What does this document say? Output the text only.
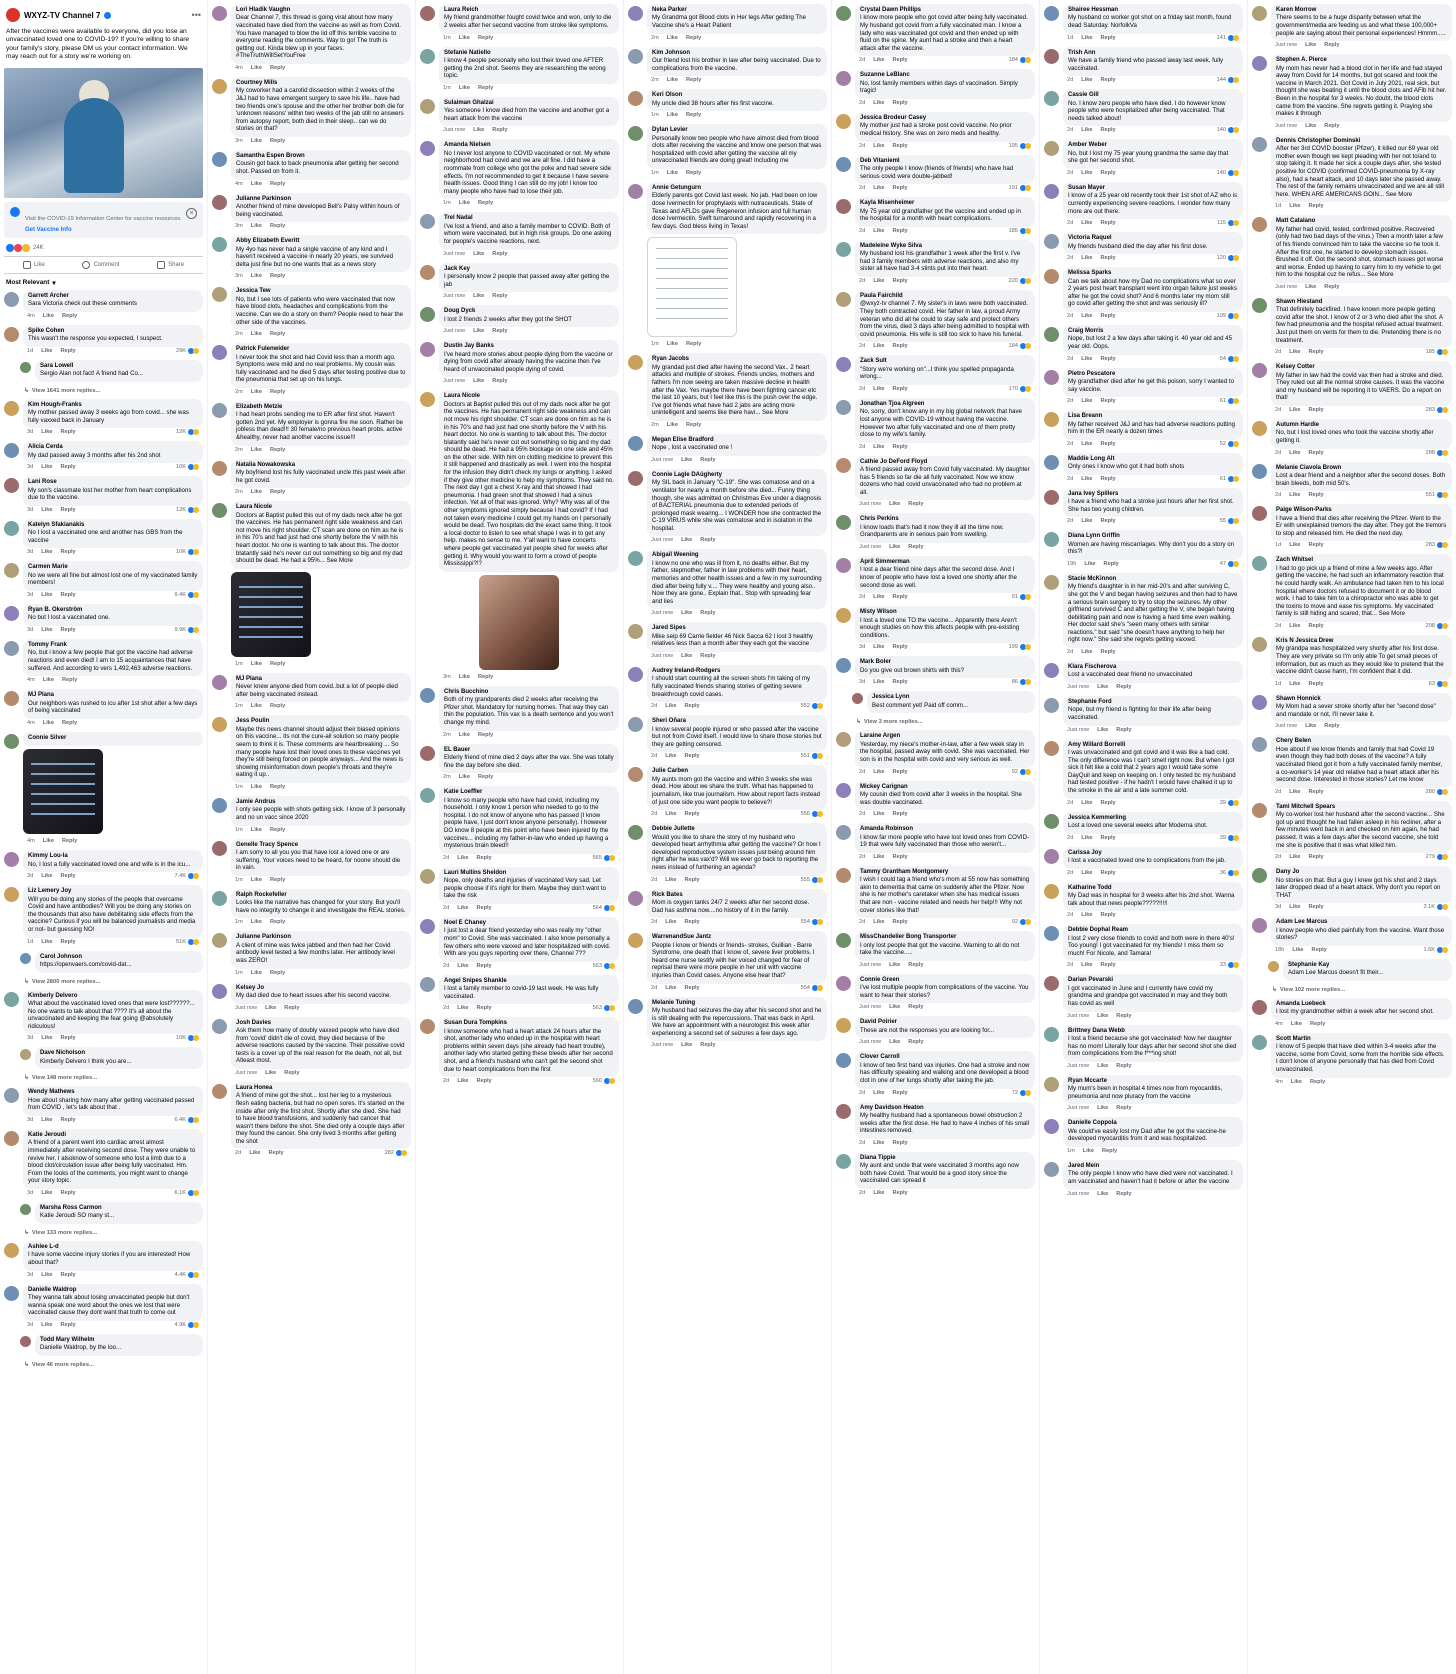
WXYZ-TV Channel 7	•••
After the vaccines were available to everyone, did you lose an unvaccinated loved one to COVID-19? If you're willing to share your family's story, please DM us your contact information. We may reach out for a story we're working on.
Visit the COVID-19 Information Center for vaccine resources.
Get Vaccine Info
×
24K
Like	Comment	Share
Most Relevant ▾
Garrett Archer
Sara Victoria check out these comments
4m Like Reply
Spike Cohen
This wasn't the response you expected, I suspect.
1d Like Reply	29K
Sara Lowell
Sergio Alan not fact! A friend had Co...
↳ View 1641 more replies...
Kim Hough-Franks
My mother passed away 3 weeks ago from covid... she was fully vaxxed back in January
3d Like Reply	12K
Alicia Cerda
My dad passed away 3 months after his 2nd shot
3d Like Reply	10K
Lani Rose
My son's classmate lost her mother from heart complications due to the vaccine.
3d Like Reply	12K
Katelyn Sfakianakis
No I lost a vaccinated one and another has GBS from the vaccine
3d Like Reply	10K
Carmen Marie
No we were all fine but almost lost one of my vaccinated family members!
3d Like Reply	9.4K
Ryan B. Okerström
No but I lost a vaccinated one.
3d Like Reply	9.9K
Tommy Frank
No, but i know a few people that got the vaccine had adverse reactions and even died! I am to 15 acquaintances that have suffered. And according to vers 1,492,463 adverse reactions.
4m Like Reply
MJ Plana
Our neighbors was rushed to icu after 1st shot after a few days of being vaccinated
4m Like Reply
Connie Silver
4m Like Reply
Kimmy Lou-la
No, I lost a fully vaccinated loved one and wife is in the icu...
3d Like Reply	7.4K
Liz Lemery Joy
Will you be doing any stories of the people that overcame Covid and have antibodies? Will you be doing any stories on the thousands that also have debilitating side effects from the vaccine? Curious if you will be balanced journalists and media or not- but guessing NO!
1d Like Reply	51K
Carol Johnson
https://openvaers.com/covid-dat...
↳ View 2800 more replies...
Kimberly Delvero
What about the vaccinated loved ones that were lost??????... No one wants to talk about that ???? It's all about the unvaccinated and keeping the fear going @absolutely ridiculous!
3d Like Reply	10K
Dave Nicholson
Kimberly Delvero I think you are...
↳ View 148 more replies...
Wendy Mathews
How about sharing how many after getting vaccinated passed from COVID , let's talk about that .
3d Like Reply	6.4K
Katie Jeroudi
A friend of a parent went into cardiac arrest almost immediately after receiving second dose. They were unable to revive her. I alsoknow of someone who lost a limb due to a blood clot/circulation issue after being fully vaccinated. Hm. From the looks of the comments, you might want to change your story topic.
3d Like Reply	6.1K
Marsha Ross Carmon
Katie Jeroudi SO many st...
↳ View 133 more replies...
Ashlee L-d
I have some vaccine injury stories if you are interested! How about that?
3d Like Reply	4.4K
Danielle Waldrop
They wanna talk about losing unvaccinated people but don't wanna speak one word about the ones we lost that were vaccinated cause they dont want that truth to come out
3d Like Reply	4.9K
Todd Mary Wilhelm
Danielle Waldrop, by the loo...
↳ View 46 more replies...
Lori Hladik Vaughn
Dear Channel 7, this thread is going viral about how many vaccinated have died from the vaccine as well as from Covid. You have managed to blow the lid off this terrible vaccine to everyone reading the comments. Way to go! The truth is getting out. Kinda blew up in your faces. #TheTruthWillSetYouFree
4m Like Reply
Courtney Mills
My coworker had a carotid dissection within 2 weeks of the J&J had to have emergent surgery to save his life.. have had two friends one's spouse and the other her brother both die for 'unknown reasons' within two weeks of the jab still no answers from autopsy report, both died in their sleep.. can we do stories on that?
3m Like Reply
Samantha Espen Brown
Cousin got back to back pneumonia after getting her second shot. Passed on from it.
4m Like Reply
Julianne Parkinson
Another friend of mine developed Bell's Palsy within hours of being vaccinated.
3m Like Reply
Abby Elizabeth Everitt
My 4yo has never had a single vaccine of any kind and I haven't received a vaccine in nearly 20 years, we survived delta just fine but no one wants that as a news story
3m Like Reply
Jessica Tew
No, but I see lots of patients who were vaccinated that now have blood clots, headaches and complications from the vaccine. Can we do a story on them? People need to hear the other side of the vaccines.
2m Like Reply
Patrick Fulenwider
I never took the shot and had Covid less than a month ago. Symptoms were mild and no real problems. My cousin was fully vaccinated and he died 5 days after testing positive due to the pneumonia that set up on his lungs.
2m Like Reply
Elizabeth Metzie
I had heart probs sending me to ER after first shot. Haven't gotten 2nd yet. My employer is gonna fire me soon. Rather be jobless than dead!!! 30 female/no previous heart probs. active &healthy, never had another vaccine issue!!!
2m Like Reply
Natalia Nowakowska
My boyfriend lost his fully vaccinated uncle this past week after he got covid.
2m Like Reply
Laura Nicole
Doctors at Baptist pulled this out of my dads neck after he got the vaccines. He has permanent right side weakness and can not move his right shoulder. CT scan are done on him as he is in his 70's and had just had one shortly before the V with his heart doctor. No one is wanting to talk about this. The doctor blatantly said he's never cut out something so big and my dad should be dead. He had a 95%... See More
1m Like Reply
MJ Plana
Never knew anyone died from covid..but a lot of people died after being vaccinated instead.
1m Like Reply
Jess Poulin
Maybe this news channel should adjust their biased opinions on this vaccine... Its not the cure-all solution so many people seem to think it is. These comments are heartbreaking ... So many people have lost their loved ones to these vaccines yet they're still being forced on people anyways... And the news is showing misinformation down people's throats and they're eating it up..
1m Like Reply
Jamie Andrus
I only see people with shots getting sick. I know of 3 personally and no un vacc since 2020
1m Like Reply
Genelle Tracy Spence
I am sorry to all you you that have lost a loved one or are suffering. Your voices need to be heard, for noone should die in vain.
1m Like Reply
Ralph Rockefeller
Looks like the narrative has changed for your story. But you'll have no integrity to change it and investigate the REAL stories.
1m Like Reply
Julianne Parkinson
A client of mine was twice jabbed and then had her Covid antibody level tested a few months later. Her antibody level was ZERO!
1m Like Reply
Kelsey Jo
My dad died due to heart issues after his second vaccine.
Just now Like Reply
Josh Davies
Ask them how many of doubly vaxxed people who have died from 'covid' didn't die of covid, they died because of the adverse reactions caused by the vaccine. Their possitive covid tests is a cover up of the real reason for the death, not all, but Atleast most.
Just now Like Reply
Laura Honea
A friend of mine got the shot... lost her leg to a mysterious flesh eating bacteria, but had no open sores. It's started on the inside after only the first shot. Shortly after she died. She had to have blood transfusions, and suddenly had cancer that wasn't there before the shot. She died only a couple days after they found the cancer. She only lived 3 months after getting the shot
2d Like Reply	282
Laura Reich
My friend grandmother fought covid twice and won, only to die 2 weeks after her second vaccine from stroke like symptoms.
1m Like Reply
Stefanie Natiello
I know 4 people personally who lost their loved one AFTER getting the 2nd shot. Seems they are researching the wrong topic.
1m Like Reply
Sulaiman Ghalzai
Yes someone I know died from the vaccine and another got a heart attack from the vaccine
Just now Like Reply
Amanda Nielsen
No I never lost anyone to COVID vaccinated or not. My whole neighborhood had covid and we are all fine. I did have a roommate from college who got the poke and had severe side effects. I'm not recommended to get it because I have severe health issues. Good thing I can still do my job! I know too many people who have had to lose their job.
1m Like Reply
Trel Nadal
I've lost a friend, and also a family member to COVID. Both of whom were vaccinated, but in high risk groups. Do one asking for people's vaccine reactions, next.
Just now Like Reply
Jack Key
I personally know 2 people that passed away after getting the jab
Just now Like Reply
Doug Dyck
I lost 2 friends 2 weeks after they got the SHOT
Just now Like Reply
Dustin Jay Banks
I've heard more stories about people dying from the vaccine or dying from covid after already having the vaccine then I've heard of unvaccinated people dying of covid.
Just now Like Reply
Laura Nicole
Doctors at Baptist pulled this out of my dads neck after he got the vaccines. He has permanent right side weakness and can not move his right shoulder. CT scan are done on him as he is in his 70's and had just had one shortly before the V with his heart doctor. No one is wanting to talk about this. The doctor blatantly said he's never cut out something so big and my dad should be dead. He had a 95% blockage on one side and 45% on the other side. With him on clotting medicine to prevent this it still happened and drastically as well. I went into the hospital for the infusion they didn't check my lungs or anything. I asked if they give other medicine to help my symptoms. They said no. The next day I got a chest X-ray and that showed I had pneumonia. I had green snot that showed I had a sinus infection. Yet all of that was ignored. Why? Why was all of the other symptoms ignored simply because I had covid? If I had not taken every medicine I could get my hands on I personally would be dead. Two hospitals did the exact same thing. It took a local doctor to listen to see what shape I was in to get any help. makes no sense to me. Y'all want to have concerts where people get vaccinated yet people shed for weeks after getting it. Why would you want to form a crowd of people Mississippi?!?
3m Like Reply
Chris Bucchino
Both of my grandparents died 2 weeks after receiving the Pfizer shot. Mandatory for nursing homes. That way they can thin the population. This vax is a death sentence and you won't change my mind.
2m Like Reply
EL Bauer
Elderly friend of mine died 2 days after the vax. She was totally fine the day before she died.
2m Like Reply
Katie Loeffler
I know so many people who have had covid, including my household. I only know 1 person who needed to go to the hospital. I do not know of anyone who has passed (I know people have, I just don't know anyone personally). I however DO know 8 people at this point who have been injured by the vaccines... including my father-in-law who ended up having a mysterious brain bleed!!
2d Like Reply	565
Lauri Mullins Sheldon
Nope, only deaths and injuries of vaccinated Very sad. Let people choose if it's right for them. Maybe they don't want to take the risk
2d Like Reply	564
Noel E Chaney
I just lost a dear friend yesterday who was really my "other mom" to Covid. She was vaccinated. I also know personally a few others who were vaxxed and later hospitalized with covid. With are you guys reporting over there, Channel 7??
2d Like Reply	563
Angel Snipes Shankle
I lost a family member to covid-19 last week. He was fully vaccinated.
2d Like Reply	563
Susan Dura Tompkins
I know someone who had a heart attack 24 hours after the shot, another lady who ended up in the hospital with heart problems within seven days (she already had heart trouble), another lady who started getting these bleeds after her second shot, and a friend's husband who can't get the second shot due to heart complications from the first
2d Like Reply	560
Neka Parker
My Grandma got Blood clots in Her legs After getting The Vaccine she's a Heart Patient
2m Like Reply
Kim Johnson
Our friend lost his brother in law after being vaccinated. Due to complications from the vaccine.
2m Like Reply
Keri Olson
My uncle died 38 hours after his first vaccine.
1m Like Reply
Dylan Levier
Personally know two people who have almost died from blood clots after receiving the vaccine and know one person that was hospitalized with covid after getting the vaccine all my unvaccinated friends are doing great! Including me
1m Like Reply
Annie Getungurn
Elderly parents got Covid last week. No jab. Had been on low dose Ivermectin for prophylaxis with nutraceuticals. State of Texas and AFLDs gave Regeneron infusion and full human dose Ivermectin. Swift turnaround and rapidly recovering in a few days. God bless living in Texas!
1m Like Reply
Ryan Jacobs
My grandad just died after having the second Vax.. 2 heart attacks and multiple of strokes. Friends uncles, mothers and fathers I'm now seeing are taken massive decline in health after the Vax. Yes maybe there have been fighting cancer etc the last 10 years, but I feel like this is the push over the edge. I've got friends what have had 2 jabs are acting more unintelligent and seems like there havi... See More
2m Like Reply
Megan Elise Bradford
Nope , lost a vaccinated one !
Just now Like Reply
Connie Lagle DAûgherty
My SIL back in January "C-19". She was comatose and on a ventilator for nearly a month before she died... Funny thing though, she was admitted on Christmas Eve under a diagnosis of BACTERIAL pneumonia due to extended periods of prolonged mask wearing... I WONDER how she contracted the C-19 VIRUS while she was comatose and in isolation in the hospital.
Just now Like Reply
Abigail Weening
I know no one who was ill from it, no deaths either. But my father, stepmother, father in law problems with their heart, memories and other health issues and a few in my surrounding died after being fully v.... They were healthy and young also.. Now they are gone.. Explain that.. Stop with spreading fear and lies
Just now Like Reply
Jared Sipes
Mike seip 69 Carrie fielder 46 Nick Sacca 62 I lost 3 healthy relatives less than a month after they each got the vaccine
Just now Like Reply
Audrey Ireland-Rodgers
I should start counting all the screen shots I'm taking of my fully vaccinated friends sharing stories of getting severe breakthrough covid cases.
2d Like Reply	552
Sheri Oñara
I know several people injured or who passed after the vaccine but not from Covid itself. I would love to share those stories but they are getting censored.
2d Like Reply	551
Julie Carben
My aunts mom got the vaccine and within 3 weeks she was dead. How about we share the truth. What has happened to journalism, like true journalism. How about report facts instead of just one side you want people to believe?!
2d Like Reply	556
Debbie Jullette
Would you like to share the story of my husband who developed heart arrhythmia after getting the vaccine? Or how I developed reproductive system issues just being around him right after he was vax'd? Will we ever go back to reporting the news instead of furthering an agenda?
2d Like Reply	555
Rick Bates
Mom is oxygen tanks 24/7 2 weeks after her second dose. Dad has asthma now....no history of it in the family.
2d Like Reply	554
WarrenandSue Jantz
People I know or friends or friends- strokes, Guillian - Barre Syndrome, one death that I know of, severe liver problems. I heard one nurse testify with her voiced changed for fear of reprisal there were more people in her unit with vaccine injuries than Covid cases. Anyone else hear that?
2d Like Reply	554
Melanie Tuning
My husband had seizures the day after his second shot and he is still dealing with the repercussions. That was back in April. We have an appointment with a neurologist this week after experiencing a second set of seizures a few days ago.
Just now Like Reply
Crystal Dawn Phillips
I know more people who got covid after being fully vaccinated. My husband got covid from a fully vaccinated man. I know a lady who was vaccinated got covid and then ended up with fluid on the spine. My aunt had a stroke and then a heart attack after the vaccine.
2d Like Reply	184
Suzanne LeBlanc
No, lost family members within days of vaccination. Simply tragic!
2d Like Reply
Jessica Brodeur Casey
My mother just had a stroke post covid vaccine. No prior medical history. She was on zero meds and healthy.
2d Like Reply	195
Deb Vitanieml
The only people I know (friends of friends) who have had serious covid were double-jabbed!
2d Like Reply	191
Kayla Misenheimer
My 75 year old grandfather got the vaccine and ended up in the hospital for a month with heart complications.
2d Like Reply	185
Madeleine Wyke Silva
My husband lost his grandfather 1 week after the first v. I've had 3 family members with adverse reactions, and also my sister all have had 3-4 stints put into their heart.
2d Like Reply	220
Paula Fairchild
@wxyz-tv channel 7. My sister's in laws were both vaccinated. They both contracted covid. Her father in law, a proud Army veteran who did all he could to stay safe and protect others from the virus, died 3 days after being admitted to hospital with covid pneumonia. His wife is still too sick to have his funeral.
2d Like Reply	184
Zack Sult
"Story we're working on"...I think you spelled propaganda wrong...
2d Like Reply	170
Jonathan Tjoa Algreen
No, sorry, don't know any in my big global network that have lost anyone with COVID-19 without having the vaccine. However two after fully vaccinated and one of them pretty close to my wife's family.
2d Like Reply
Cathie Jo DeFord Floyd
A friend passed away from Covid fully vaccinated. My daughter has 5 friends so far die all fully vaccinated. Now we know dozens who had covid unvaccinated who had no problem at all.
Just now Like Reply
Chris Perkins
I know loads that's had it now they ill all the time now. Grandparents are in serious pain from swelling.
Just now Like Reply
April Simmerman
I lost a dear friend nine days after the second dose. And I know of people who have lost a loved one shortly after the second dose as well.
2d Like Reply	91
Misty Wilson
I lost a loved one TO the vaccine... Apparently there Aren't enough studies on how this affects people with pre-existing conditions.
3d Like Reply	199
Mark Boler
Do you give out brown shirts with this?
3d Like Reply	86
Jessica Lynn
Best comment yet! Paid off comm...
↳ View 3 more replies...
Laraine Argen
Yesterday, my niece's mother-in-law, after a few week stay in the hospital, passed away with covid. She was vaccinated. Her son is in the hospital with covid and very serious as well.
2d Like Reply	92
Mickey Carignan
My cousin died from covid after 3 weeks in the hospital. She was double vaccinated.
2d Like Reply
Amanda Robinson
I know far more people who have lost loved ones from COVID-19 that were fully vaccinated than those who weren't...
2d Like Reply
Tammy Grantham Montgomery
I wish I could tag a friend who's mom at 55 now has something akin to dementia that came on suddenly after the Pfizer. Now she is her mother's caretaker when she has medical issues that are non - vaccine related and needs her help!!! Why not cover stories like that!
2d Like Reply	92
MissChandelier Bong Transporter
I only lost people that got the vaccine. Warning to all do not take the vaccine.....
Just now Like Reply
Connie Green
I've lost multiple people from complications of the vaccine. You want to hear their stories?
Just now Like Reply
David Poirier
These are not the responses you are looking for...
Just now Like Reply
Clover Carroll
I know of two first hand vax injuries. One had a stroke and now has difficulty speaking and walking and one developed a blood clot in one of her lungs shortly after taking the jab.
2d Like Reply	72
Amy Davidson Heaton
My healthy husband had a spontaneous bowel obstruction 2 weeks after the first dose. He had to have 4 inches of his small intestines removed.
2d Like Reply
Diana Tippie
My aunt and uncle that were vaccinated 3 months ago now both have Covid. That would be a good story since the vaccinated can spread it
2d Like Reply
Shairee Hessman
My husband co worker got shot on a friday last month, found dead Saturday. NorfolkVa
1d Like Reply	141
Trish Ann
We have a family friend who passed away last week, fully vaccinated.
2d Like Reply	144
Cassie Gill
No. I know zero people who have died. I do however know people who were hospitalized after being vaccinated. That needs talked about!
2d Like Reply	140
Amber Weber
No, but I lost my 75 year young grandma the same day that she got her second shot.
2d Like Reply	140
Susan Mayer
I know of a 25 year old recently took their 1st shot of AZ who is currently experiencing severe reactions. I wonder how many more are out there.
2d Like Reply	115
Victoria Raquel
My friends husband died the day after his first dose.
2d Like Reply	120
Melissa Sparks
Can we talk about how my Dad no complications what so ever 2 years post heart transplant went into organ failure just weeks after he got the covid shot? And 6 months later my mom still go covid after getting the shot and was seriously ill?
2d Like Reply	109
Craig Morris
Nope, but lost 2 a few days after taking it. 40 year old and 45 year old. Oops.
2d Like Reply	54
Pietro Pescatore
My grandfather died after he get this poison, sorry I wanted to say vaccine.
2d Like Reply	61
Lisa Breann
My father received J&J and has had adverse reactions putting him in the ER nearly a dozen times
2d Like Reply	52
Maddie Long Alt
Only ones I know who got it had both shots
2d Like Reply	61
Jana Ivey Spillers
I have a friend who had a stroke just hours after her first shot. She has two young children.
2d Like Reply	55
Diana Lynn Griffin
Women are having miscarriages. Why don't you do a story on this?!
19h Like Reply	47
Stacie McKinnon
My friend's daughter is in her mid-20's and after surviving C, she got the V and began having seizures and then had to have a serious brain surgery to try to stop the seizures. My other girlfriend survived C and after getting the V, she began having debilitating pain and now is having a hard time even walking. Her doctor said she's "seen many others with similar reactions," but said "she doesn't have anything to help her right now." She said she regrets getting vaxxed.
2d Like Reply
Klara Fischerova
Lost a vaccinated dear friend no unvaccinated
Just now Like Reply
Stephanie Ford
Nope, but my friend is fighting for their life after being vaccinated.
Just now Like Reply
Amy Willard Borrelli
I was unvaccinated and got covid and it was like a bad cold. The only difference was I can't smell right now. But when I got sick it felt like a cold that 2 years ago I would take some DayQuil and keep on keeping on. I only tested bc my husband had tested positive - if he hadn't I would have chalked it up to the smoke in the air and a late summer cold.
2d Like Reply	39
Jessica Kemmerling
Lost a loved one several weeks after Moderna shot.
2d Like Reply	39
Carissa Joy
I lost a vaccinated loved one to complications from the jab.
2d Like Reply	36
Katharine Todd
My Dad was in hospital for 3 weeks after his 2nd shot. Wanna talk about that news people?????!!!!!
2d Like Reply
Debbie Dophal Ream
I lost 2 very close friends to covid and both were in there 40's! Too young! I got vaccinated for my friends! I miss them so much! For Nicole, and Tamara!
2d Like Reply	33
Darian Pevarski
I got vaccinated in June and I currently have covid my grandma and grandpa got vaccinated in may and they both has covid as well
Just now Like Reply
Brittney Dana Webb
I lost a friend because she got vaccinated! Now her daughter has no mom! Literally four days after her second shot she died from complications from the f***ing shot!
Just now Like Reply
Ryan Mccarte
My mum's been in hospital 4 times now from myocarditis, pneumonia and now pluracy from the vaccine
Just now Like Reply
Danielle Coppola
We could've easily lost my Dad after he got the vaccine-he developed myocarditis from it and was hospitalized.
1m Like Reply
Jared Mein
The only people I know who have died were not vaccinated. I am vaccinated and haven't had it before or after the vaccine
Just now Like Reply
Karen Morrow
There seems to be a huge disparity between what the government/media are feeding us and what these 100,000+ people are saying about their personal experiences! Hmmm.....
Just now Like Reply
Stephen A. Pierce
My mom has never had a blood clot in her life and had stayed away from Covid for 14 months, but got scared and took the vaccine in March 2021. Got Covid in July 2021, real sick, but thought she was beating it until the blood clots and AFib hit her. Been in the hospital for 3 weeks. No doubt, the blood clots came from the vaccine. She regrets getting it. Praying she makes it through
Just now Like Reply
Dennis Christopher Dominski
After her 3rd COVID booster (Pfizer), it killed our 69 year old mother even though we kept pleading with her not to/and to stop taking it. It made her sick a couple days after, she tested positive for COVID (confirmed COVID-pneumonia by X-ray also), had a heart attack, and 10 days later she passed away. The rest of the family remains unvaccinated and we are all still here. WHEN ARE AMERICANS GOIN... See More
1d Like Reply
Matt Catalano
My father had covid, tested, confirmed positive. Recovered (only had two bad days of the virus.) Then a month later a few of his friends convinced him to take the vaccine so he took it. After the first one, he started to develop stomach issues. Brushed it off. Got the second shot, stomach issues got worse and worse. Ended up having to carry him to my vehicle to get him to the hospital cuz he refus... See More
Just now Like Reply
Shawn Hiestand
That definitely backfired. I have known more people getting covid after the shot. I know of 2 or 3 who died after the shot. A few had pneumonia and the hospital refused actual treatment. Just put them on vents for them to die. Pretending there is no treatment.
2d Like Reply	185
Kelsey Cotter
My father in law had the covid vax then had a stroke and died. They ruled out all the normal stroke causes. It was the vaccine and my husband will be reporting it to VAERS. Do a report on that!
2d Like Reply	283
Autumn Hardie
No, but I lost loved ones who took the vaccine shortly after getting it.
2d Like Reply	288
Melanie Ciavola Brown
Lost a dear friend and a neighbor after the second doses. Both brain bleeds, both mid 50's.
2d Like Reply	551
Paige Wilson-Parks
I have a friend that dies after receiving the Pfizer. Went to the Er with unexplained tremors the day after. They got the tremors to stop and released him. He died the next day.
1d Like Reply	283
Zach Whitsel
I had to go pick up a friend of mine a few weeks ago. After getting the vaccine, he had such an inflammatory reaction that he could hardly walk. An ambulance had taken him to his local hospital where doctors refused to document it or do blood work. I had to take him to a chiropractor who was able to get the toxins to move and ease his symptoms. My vaccinated family is still hiding and scared, that... See More
2d Like Reply	298
Kris N Jessica Drew
My grandpa was hospitalized very shortly after his first dose. They are very private so I'm only able To get small pieces of information, but as much as they would like to pretend that the vaccine didn't cause harm, I'm confident that it did.
1d Like Reply	63
Shawn Honnick
My Mom had a sever stroke shortly after her "second dose" and mandate or not, I'll never take it.
Just now Like Reply
Chery Belen
How about if we know friends and family that had Covid 19 even though they had both doses of the vaccine? A fully vaccinated friend got it from a fully vaccinated family member, a co-worker's 14 year old relative had a heart attack after his second dose. Interested in those stories? Let me know
2d Like Reply	280
Tami Mitchell Spears
My co-worker lost her husband after the second vaccine... She got up and thought he had fallen asleep in his recliner, after a few minutes went back in and checked on him again, he had passed. It was a few days after the second vaccine, she told me she is positive that it was what killed him.
2d Like Reply	279
Dany Jo
No stories on that. But a guy I knew got his shot and 2 days later dropped dead of a heart attack. Why don't you report on THAT
3d Like Reply	3.1K
Adam Lee Marcus
I know people who died painfully from the vaccine. Want those stories?
18h Like Reply	1.6K
Stephanie Kay
Adam Lee Marcus doesn't fit their...
↳ View 102 more replies...
Amanda Luebeck
I lost my grandmother within a week after her second shot.
4m Like Reply
Scott Martin
I know of 5 people that have died within 3-4 weeks after the vaccine, some from Covid, some from the horrible side effects. I don't know of anyone personally that has died from Covid unvaccinated.
4m Like Reply
